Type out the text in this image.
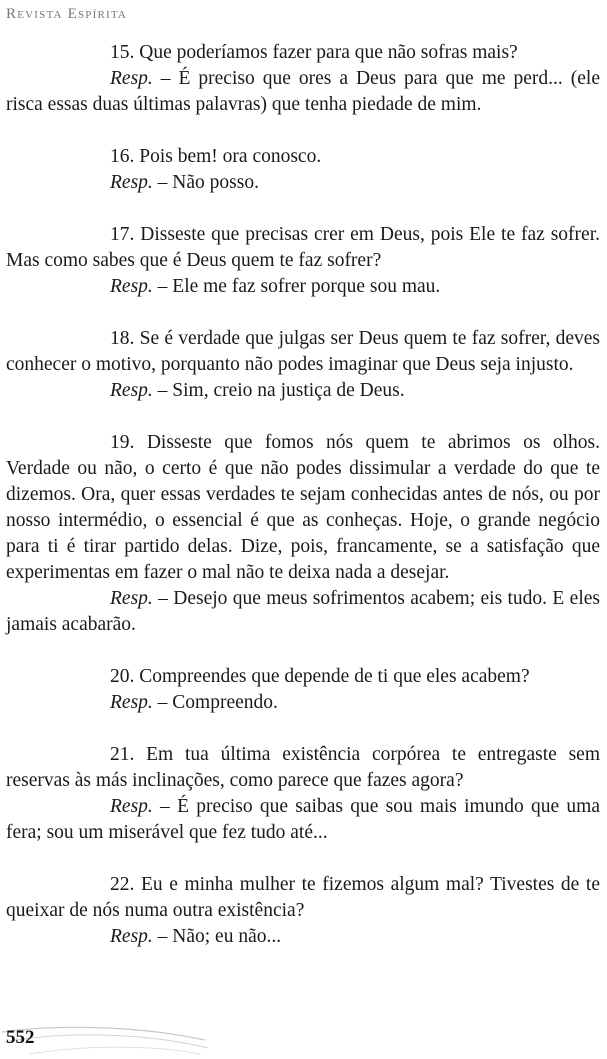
Revista Espírita

15. Que poderíamos fazer para que não sofras mais?

Resp. – É preciso que ores a Deus para que me perd... (ele risca essas duas últimas palavras) que tenha piedade de mim.

16. Pois bem! ora conosco.

Resp. – Não posso.

17. Disseste que precisas crer em Deus, pois Ele te faz sofrer. Mas como sabes que é Deus quem te faz sofrer?

Resp. – Ele me faz sofrer porque sou mau.

18. Se é verdade que julgas ser Deus quem te faz sofrer, deves conhecer o motivo, porquanto não podes imaginar que Deus seja injusto.

Resp. – Sim, creio na justiça de Deus.

19. Disseste que fomos nós quem te abrimos os olhos. Verdade ou não, o certo é que não podes dissimular a verdade do que te dizemos. Ora, quer essas verdades te sejam conhecidas antes de nós, ou por nosso intermédio, o essencial é que as conheças. Hoje, o grande negócio para ti é tirar partido delas. Dize, pois, francamente, se a satisfação que experimentas em fazer o mal não te deixa nada a desejar.

Resp. – Desejo que meus sofrimentos acabem; eis tudo. E eles jamais acabarão.

20. Compreendes que depende de ti que eles acabem?

Resp. – Compreendo.

21. Em tua última existência corpórea te entregaste sem reservas às más inclinações, como parece que fazes agora?

Resp. – É preciso que saibas que sou mais imundo que uma fera; sou um miserável que fez tudo até...

22. Eu e minha mulher te fizemos algum mal? Tivestes de te queixar de nós numa outra existência?

Resp. – Não; eu não...

552
